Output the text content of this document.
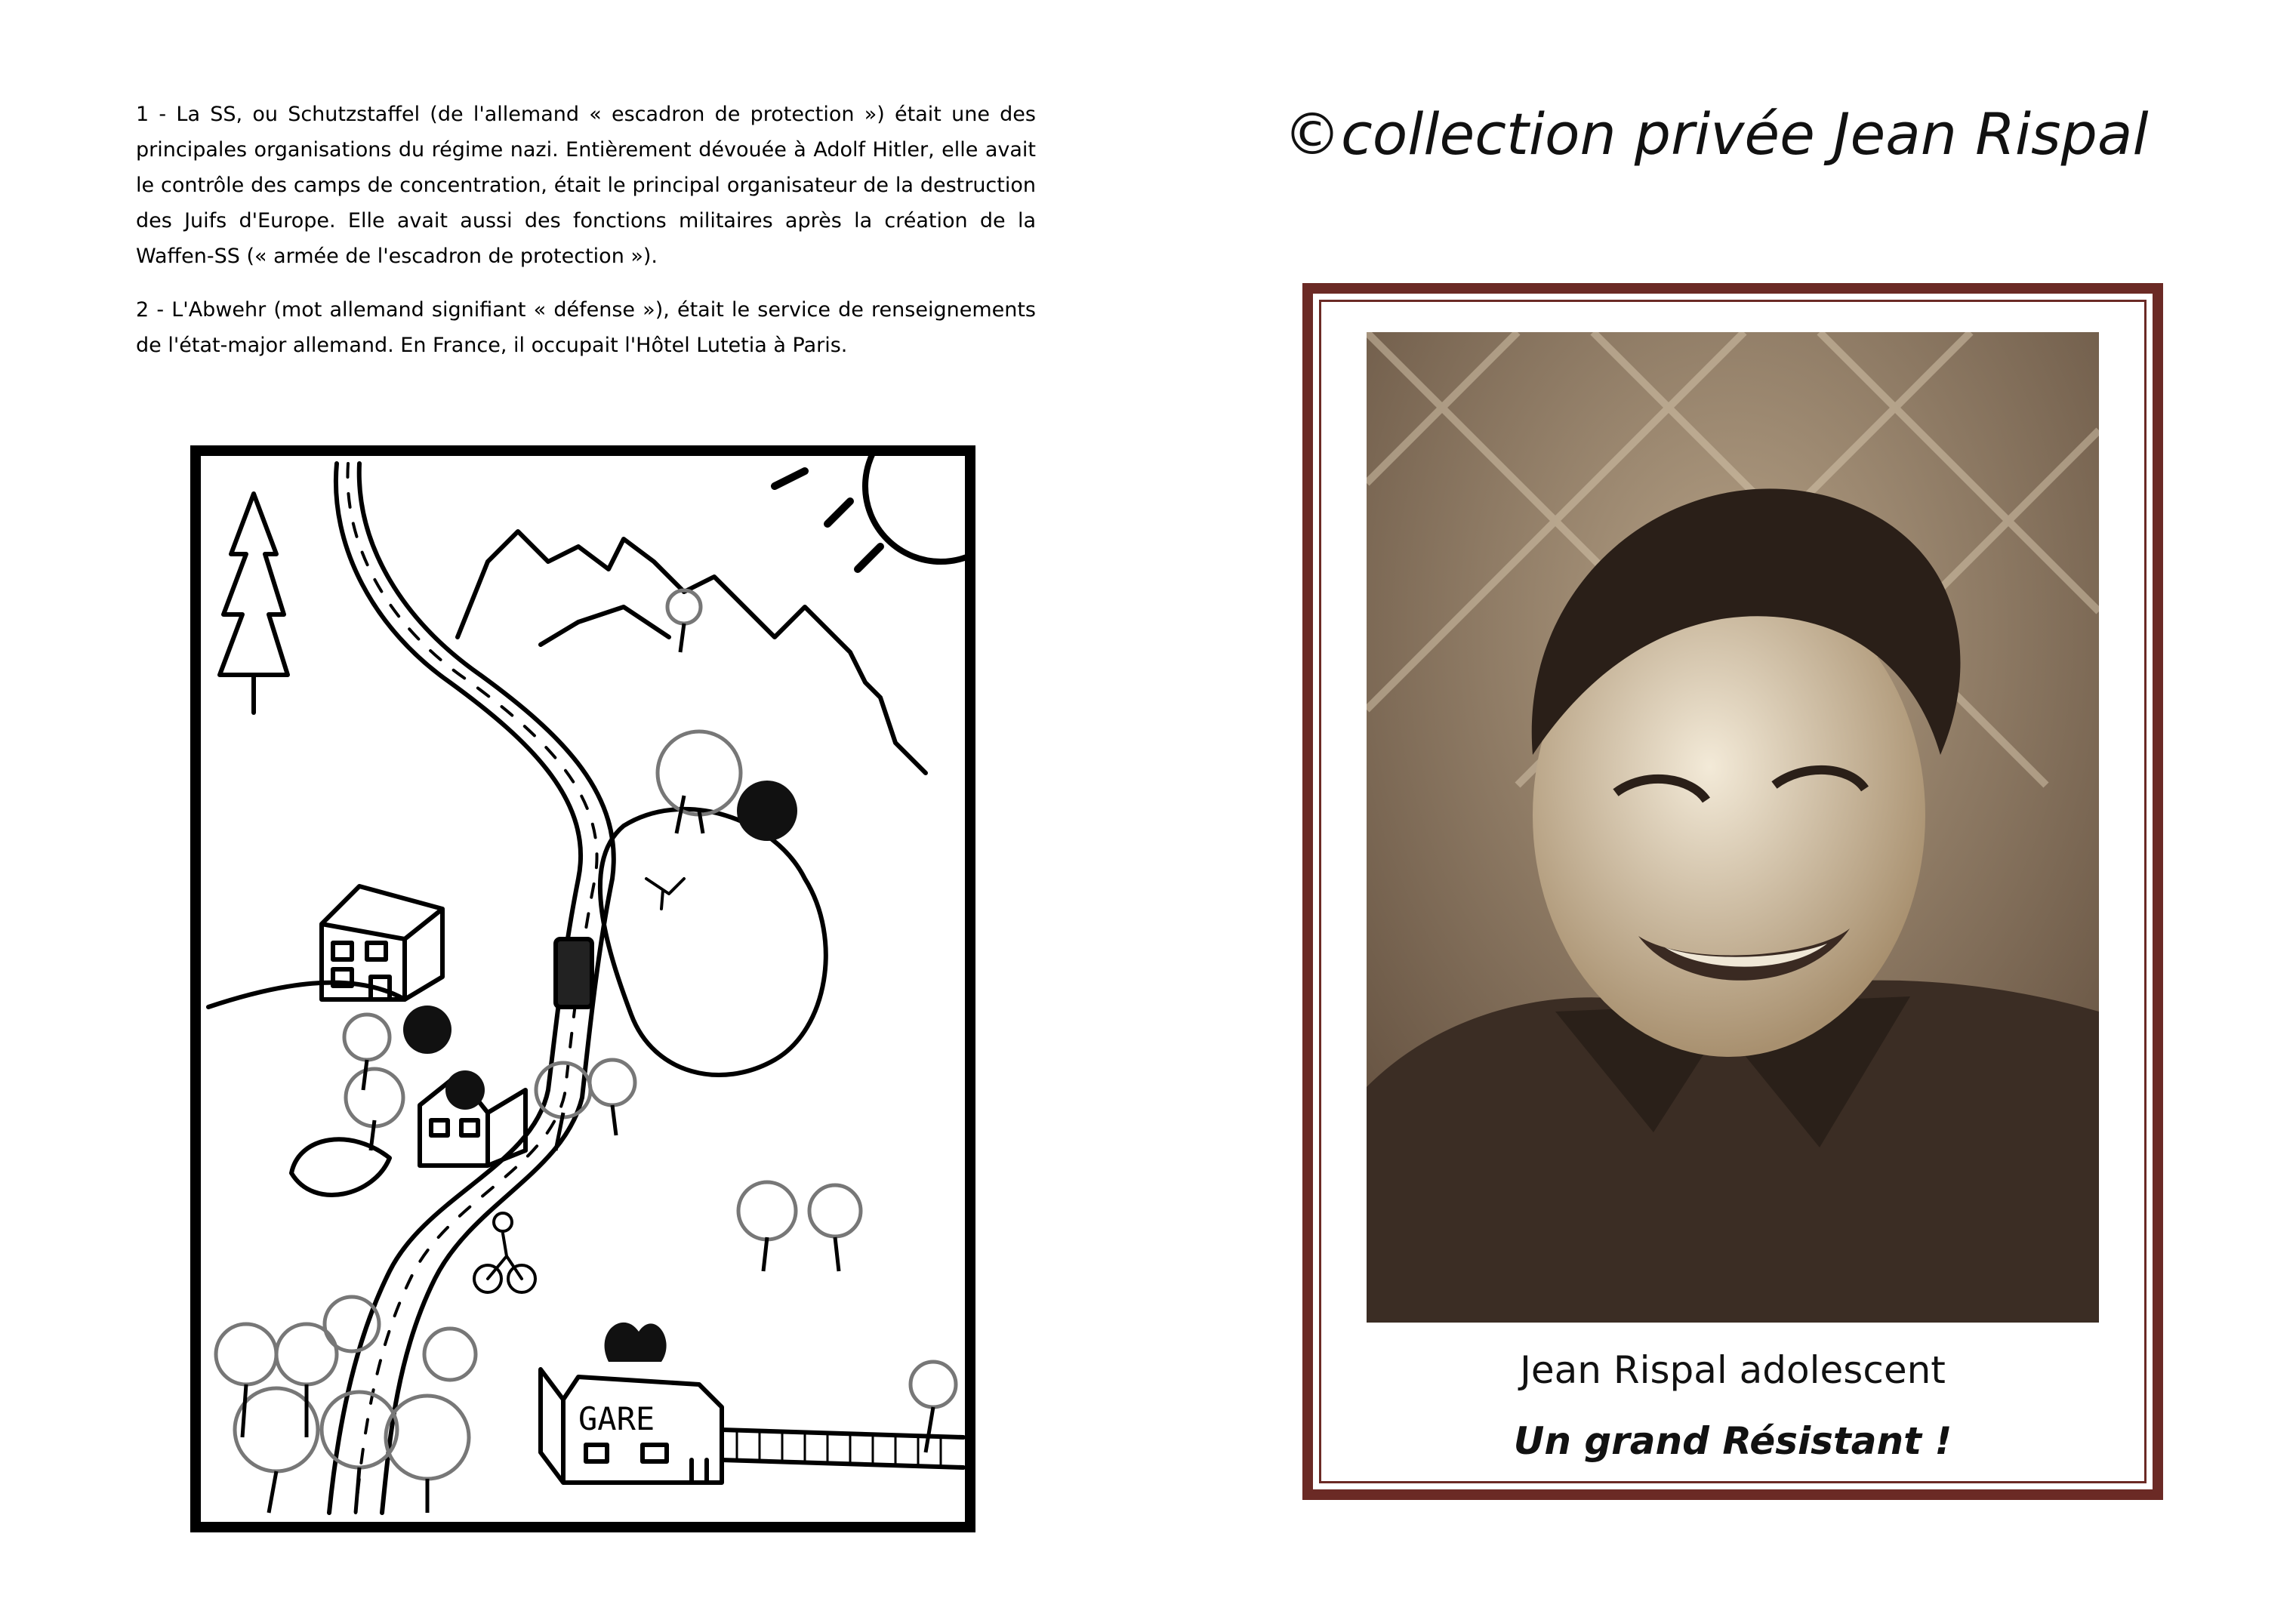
1 - La SS, ou Schutzstaffel (de l'allemand « escadron de protection ») était une des principales organisations du régime nazi. Entièrement dévouée à Adolf Hitler, elle avait le contrôle des camps de concentration, était le principal organisateur de la destruction des Juifs d'Europe. Elle avait aussi des fonctions militaires après la création de la Waffen-SS (« armée de l'escadron de protection »).

2 - L'Abwehr (mot allemand signifiant « défense »), était le service de renseignements de l'état-major allemand. En France, il occupait l'Hôtel Lutetia à Paris.

GARE
©collection privée Jean Rispal
Jean Rispal adolescent
Un grand Résistant !
